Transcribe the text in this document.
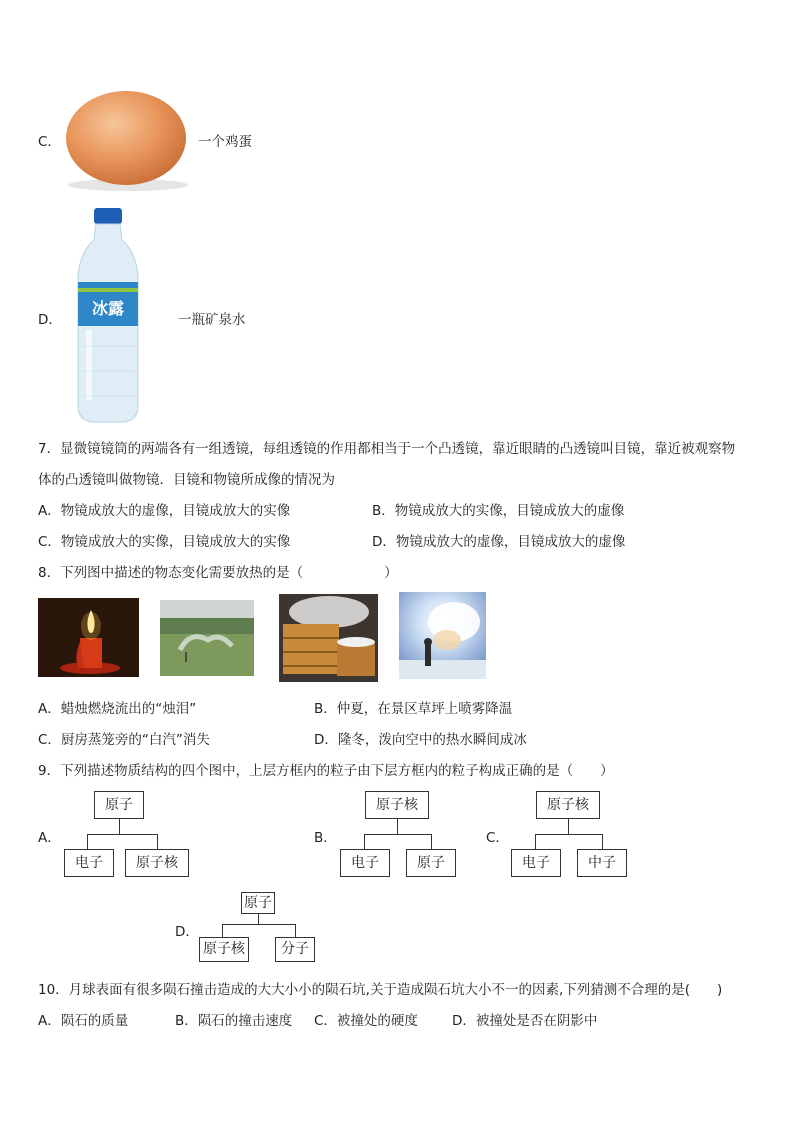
C．	一个鸡蛋
D．
冰露
一瓶矿泉水
7．显微镜镜筒的两端各有一组透镜，每组透镜的作用都相当于一个凸透镜，靠近眼睛的凸透镜叫目镜，靠近被观察物
体的凸透镜叫做物镜．目镜和物镜所成像的情况为
A．物镜成放大的虚像，目镜成放大的实像	B．物镜成放大的实像，目镜成放大的虚像
C．物镜成放大的实像，目镜成放大的实像	D．物镜成放大的虚像，目镜成放大的虚像
8．下列图中描述的物态变化需要放热的是（　　　　　　）
A．蜡烛燃烧流出的“烛泪”	B．仲夏，在景区草坪上喷雾降温
C．厨房蒸笼旁的“白汽”消失	D．隆冬，泼向空中的热水瞬间成冰
9．下列描述物质结构的四个图中，上层方框内的粒子由下层方框内的粒子构成正确的是（　　）
A．
原子
电子	原子核
B．
原子核
电子	原子
C．
原子核
电子	中子
D．
原子
原子核	分子
10．月球表面有很多陨石撞击造成的大大小小的陨石坑,关于造成陨石坑大小不一的因素,下列猜测不合理的是(　　)
A．陨石的质量	B．陨石的撞击速度 C．被撞处的硬度	D．被撞处是否在阴影中
